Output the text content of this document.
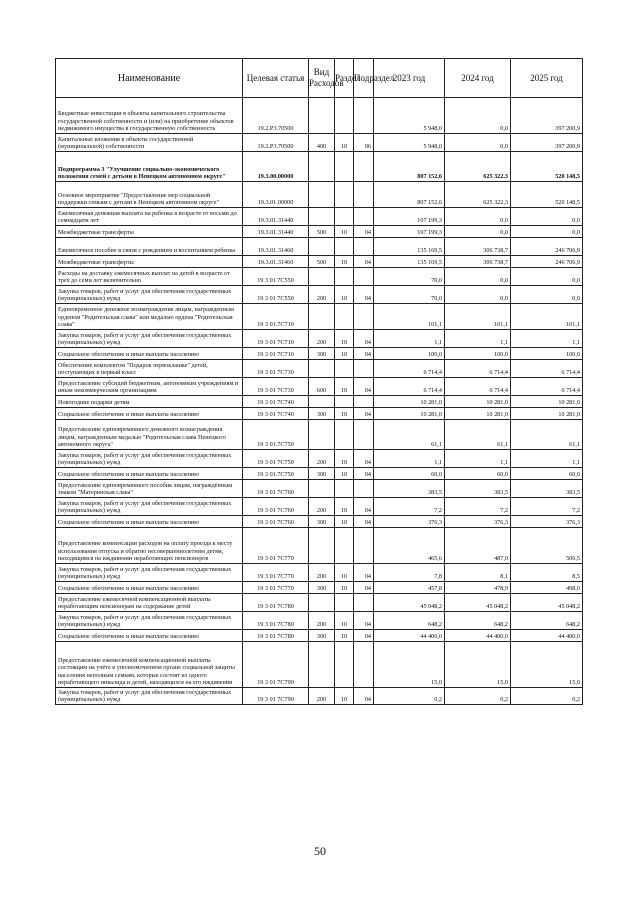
Наименование	Целевая статья	Вид Расходов	Раздел	Подраздел	2023 год	2024 год	2025 год
Бюджетные инвестиции в объекты капитального строительства государственной собственности и (или) на приобретение объектов недвижимого имущества в государственную собственность	19.2.P3.70500				5 948,0	0,0	397 200,9
Капитальные вложения в объекты государственной (муниципальной) собственности	19.2.P3.70500	400	10	06	5 948,0	0,0	397 200,9
Подпрограмма 3 "Улучшение социально-экономического положения семей с детьми в Ненецком автономном округе"	19.3.00.00000				807 152,6	625 322,3	520 148,5
Основное мероприятие "Предоставление мер социальной поддержки семьям с детьми в Ненецком автономном округе"	19.3.01.00000				807 152,6	625 322,3	520 148,5
Ежемесячная денежная выплата на ребенка в возрасте от восьми до семнадцати лет	19.3.01.31440				107 199,3	0,0	0,0
Межбюджетные трансферты	19.3.01.31440	500	10	04	107 199,3	0,0	0,0
Ежемесячное пособие в связи с рождением и воспитанием ребенка	19.3.01.31460				135 169,5	306 738,7	246 706,9
Межбюджетные трансферты	19.3.01.31460	500	10	04	135 169,5	306 738,7	246 706,9
Расходы на доставку ежемесячных выплат на детей в возрасте от трех до семи лет включительно	19 3 01 7C550				70,0	0,0	0,0
Закупка товаров, работ и услуг для обеспечения государственных (муниципальных) нужд	19 3 01 7C550	200	10	04	70,0	0,0	0,0
Единовременное денежное вознаграждение лицам, награжденным орденом "Родительская слава" или медалью ордена "Родительская слава"	19 3 01.7C710				101,1	101,1	101,1
Закупка товаров, работ и услуг для обеспечения государственных (муниципальных) нужд	19 3 01 7C710	200	10	04	1,1	1,1	1,1
Социальное обеспечение и иные выплаты населению	19 3 01 7C710	300	10	04	100,0	100,0	100,0
Обеспечение комплектом "Подарок первоклашке" детей, поступающих в первый класс	19 3 01 7C730				6 714,4	6 714,4	6 714,4
Предоставление субсидий бюджетным, автономным учреждениям и иным некоммерческим организациям	19 3 01 7C730	600	10	04	6 714,4	6 714,4	6 714,4
Новогодние подарки детям	19 3 01 7C740				10 281,0	10 281,0	10 281,0
Социальное обеспечение и иные выплаты населению	19 3 01 7C740	300	10	04	10 281,0	10 281,0	10 281,0
Предоставление единовременного денежного вознаграждения лицам, награжденным медалью "Родительская слава Ненецкого автономного округа"	19 3 01.7C750				61,1	61,1	61,1
Закупка товаров, работ и услуг для обеспечения государственных (муниципальных) нужд	19 3 01 7C750	200	10	04	1,1	1,1	1,1
Социальное обеспечение и иные выплаты населению	19 3 01.7C750	300	10	04	60,0	60,0	60,0
Предоставление единовременного пособия лицам, награждённым знаком "Материнская слава"	19 3 01 7C760				383,5	383,5	383,5
Закупка товаров, работ и услуг для обеспечения государственных (муниципальных) нужд	19 3 01 7C760	200	10	04	7,2	7,2	7,2
Социальное обеспечение и иные выплаты населению	19 3 01 7C760	300	10	04	376,3	376,3	376,3
Предоставление компенсации расходов на оплату проезда к месту использования отпуска и обратно несовершеннолетним детям, находящимся на иждивении неработающих пенсионеров	19 3 01 7C770				465,6	487,0	506,5
Закупка товаров, работ и услуг для обеспечения государственных (муниципальных) нужд	19 3 01 7C770	200	10	04	7,8	8,1	8,5
Социальное обеспечение и иные выплаты населению	19 3 01 7C770	300	10	04	457,8	478,9	498,0
Предоставление ежемесячной компенсационной выплаты неработающим пенсионерам на содержание детей	19 3 01 7C780				45 048,2	45 048,2	45 048,2
Закупка товаров, работ и услуг для обеспечения государственных (муниципальных) нужд	19 3 01 7C780	200	10	04	648,2	648,2	648,2
Социальное обеспечение и иные выплаты населению	19 3 01 7C780	300	10	04	44 400,0	44 400,0	44 400,0
Предоставление ежемесячной компенсационной выплаты состоящим на учёте в уполномоченном органе социальной защиты населения неполным семьям, которые состоят из одного неработающего инвалида и детей, находящихся на его иждивении	19 3 01 7C790				15,0	15,0	15,0
Закупка товаров, работ и услуг для обеспечения государственных (муниципальных) нужд	19 3 01 7C790	200	10	04	0,2	0,2	0,2
50
